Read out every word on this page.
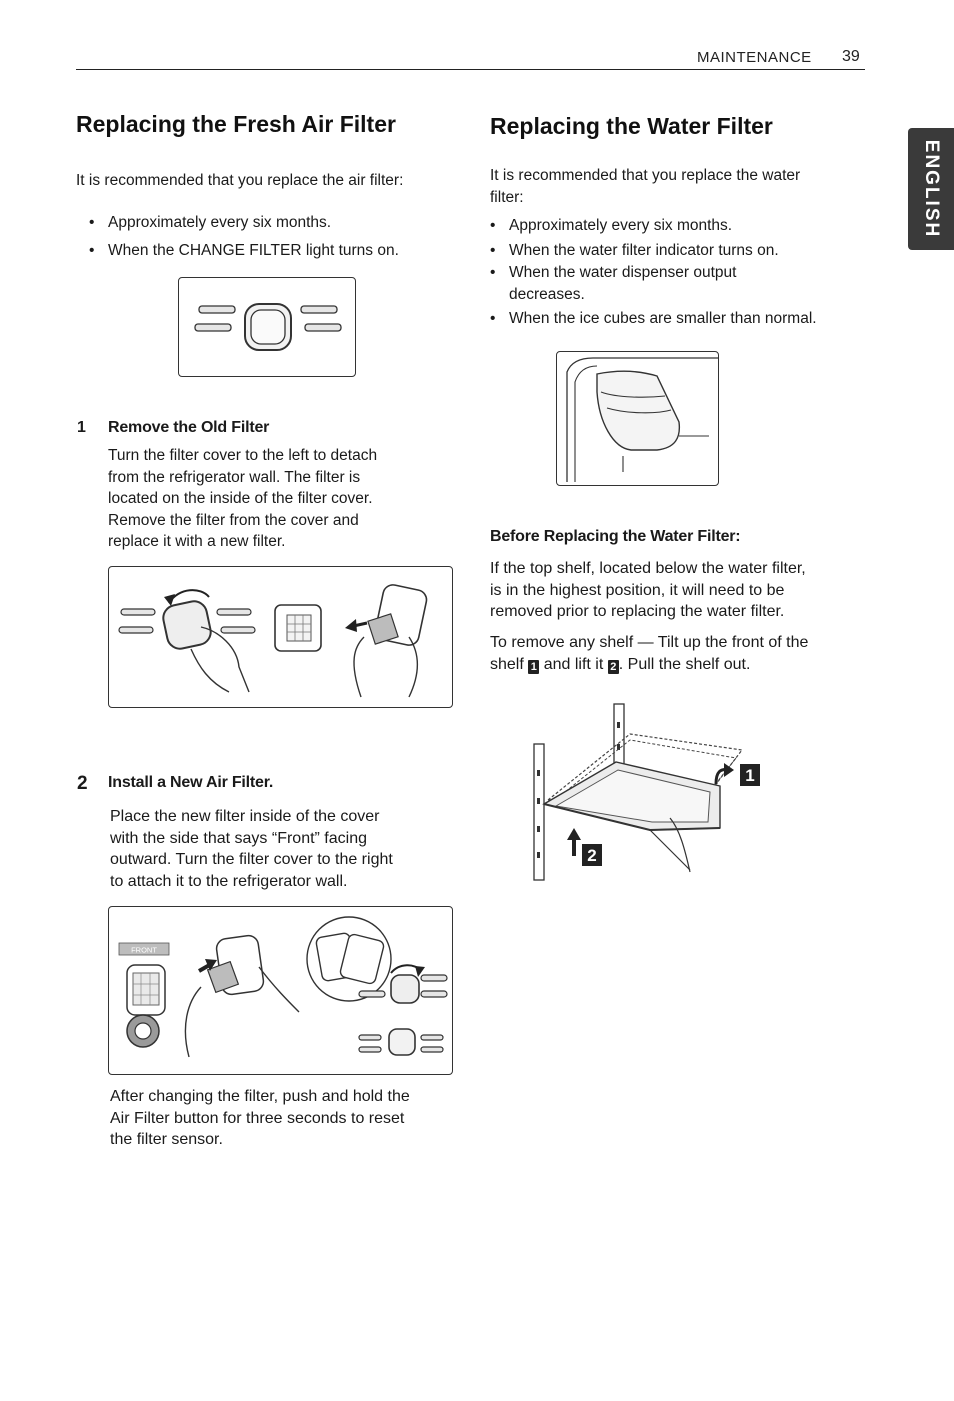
MAINTENANCE 39
ENGLISH
Replacing the Fresh Air Filter

It is recommended that you replace the air filter:

• Approximately every six months.
• When the CHANGE FILTER light turns on.
1 Remove the Old Filter

Turn the filter cover to the left to detach

from the refrigerator wall. The filter is

located on the inside of the filter cover.

Remove the filter from the cover and

replace it with a new filter.

2 Install a New Air Filter.

Place the new filter inside of the cover

with the side that says “Front” facing

outward. Turn the filter cover to the right

to attach it to the refrigerator wall.

FRONT

After changing the filter, push and hold the

Air Filter button for three seconds to reset

the filter sensor.

Replacing the Water Filter

It is recommended that you replace the water

filter:

• Approximately every six months.
• When the water filter indicator turns on.
• When the water dispenser output decreases.
• When the ice cubes are smaller than normal.
Before Replacing the Water Filter:

If the top shelf, located below the water filter,

is in the highest position, it will need to be

removed prior to replacing the water filter.

To remove any shelf — Tilt up the front of the

shelf 1 and lift it 2 . Pull the shelf out.

1
2
